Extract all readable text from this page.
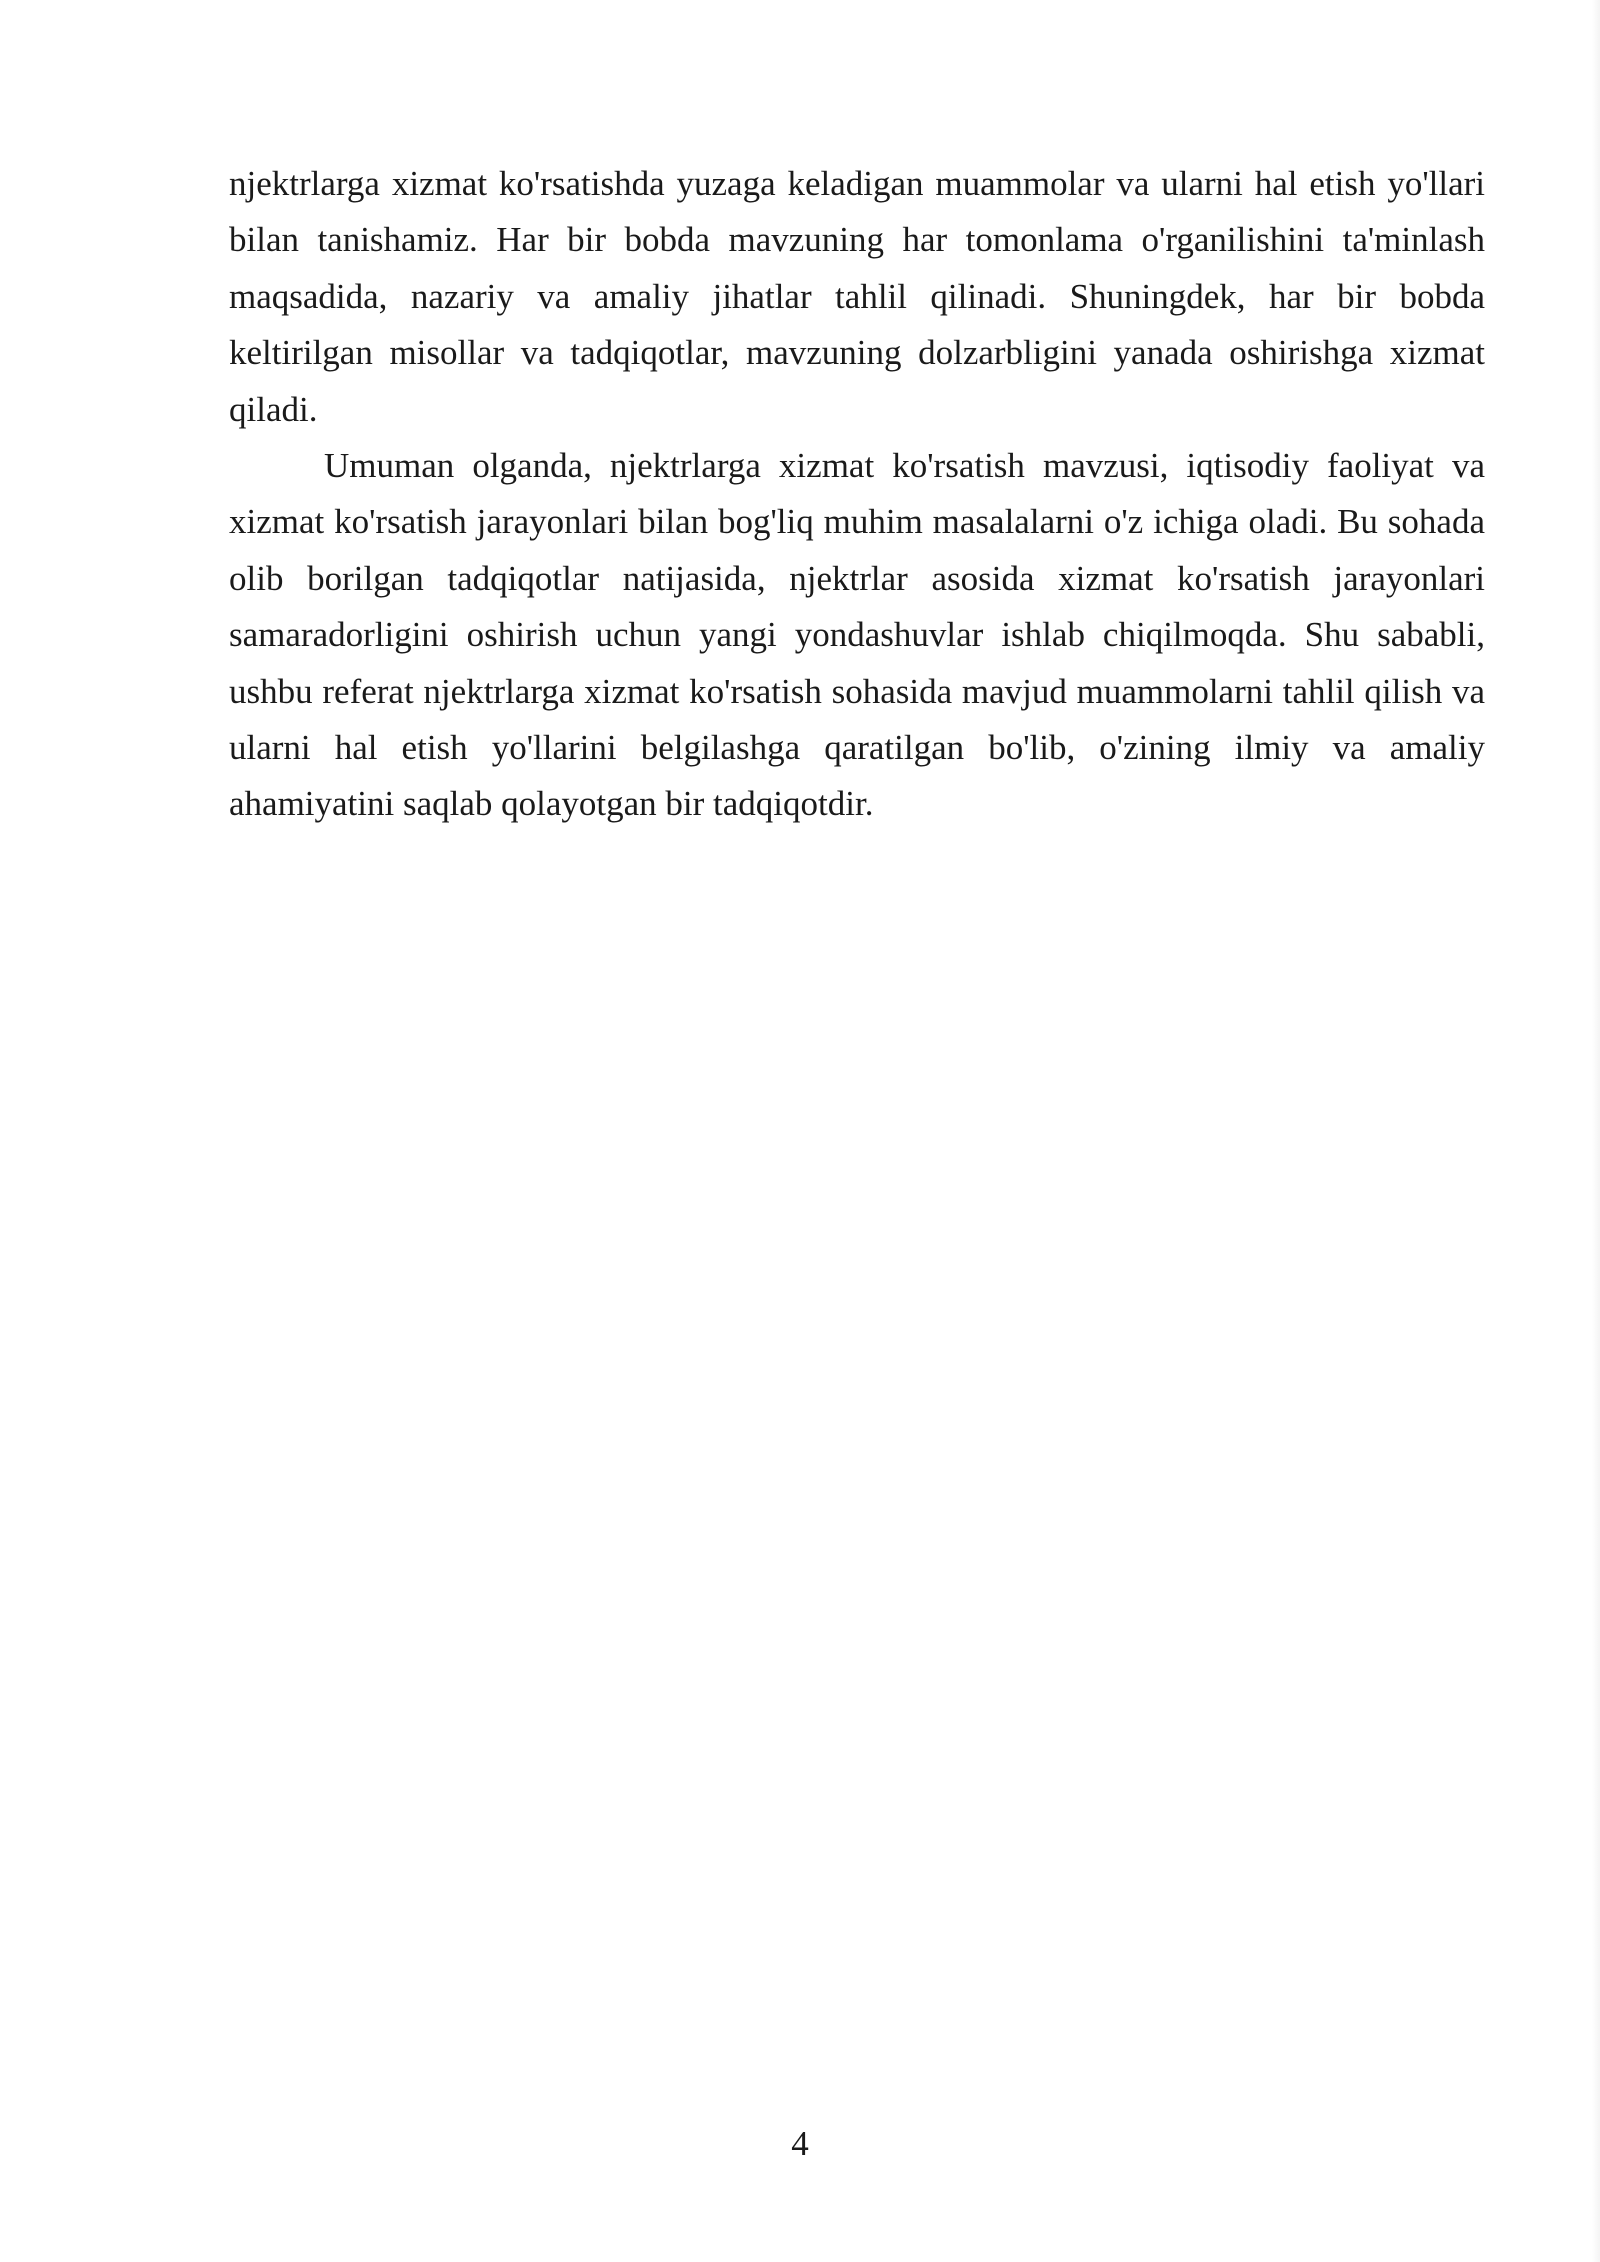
njektrlarga xizmat ko'rsatishda yuzaga keladigan muammolar va ularni hal etish yo'llari bilan tanishamiz. Har bir bobda mavzuning har tomonlama o'rganilishini ta'minlash maqsadida, nazariy va amaliy jihatlar tahlil qilinadi. Shuningdek, har bir bobda keltirilgan misollar va tadqiqotlar, mavzuning dolzarbligini yanada oshirishga xizmat qiladi.

Umuman olganda, njektrlarga xizmat ko'rsatish mavzusi, iqtisodiy faoliyat va xizmat ko'rsatish jarayonlari bilan bog'liq muhim masalalarni o'z ichiga oladi. Bu sohada olib borilgan tadqiqotlar natijasida, njektrlar asosida xizmat ko'rsatish jarayonlari samaradorligini oshirish uchun yangi yondashuvlar ishlab chiqilmoqda. Shu sababli, ushbu referat njektrlarga xizmat ko'rsatish sohasida mavjud muammolarni tahlil qilish va ularni hal etish yo'llarini belgilashga qaratilgan bo'lib, o'zining ilmiy va amaliy ahamiyatini saqlab qolayotgan bir tadqiqotdir.

4
